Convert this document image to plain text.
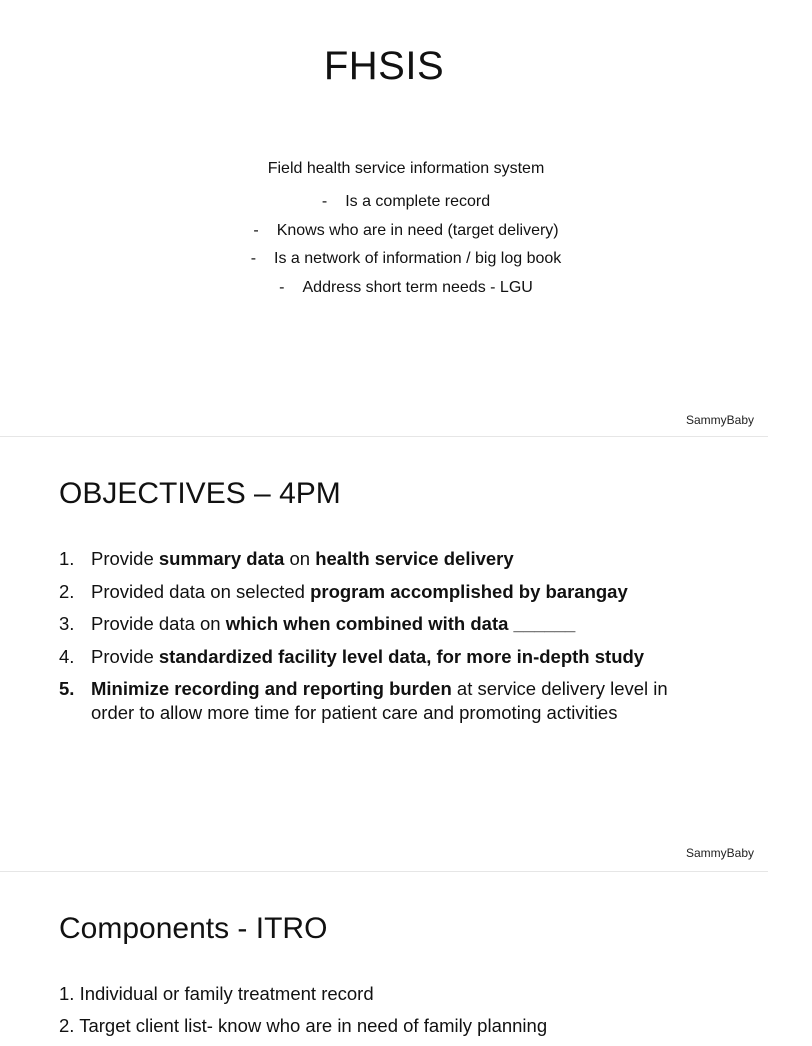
FHSIS
Field health service information system
- Is a complete record
- Knows who are in need (target delivery)
- Is a network of information / big log book
- Address short term needs - LGU
SammyBaby
OBJECTIVES – 4PM
1. Provide summary data on health service delivery
2. Provided data on selected program accomplished by barangay
3. Provide data on which when combined with data ______
4. Provide standardized facility level data, for more in-depth study
5. Minimize recording and reporting burden at service delivery level in order to allow more time for patient care and promoting activities
SammyBaby
Components - ITRO
1. Individual or family treatment record
2. Target client list- know who are in need of family planning
